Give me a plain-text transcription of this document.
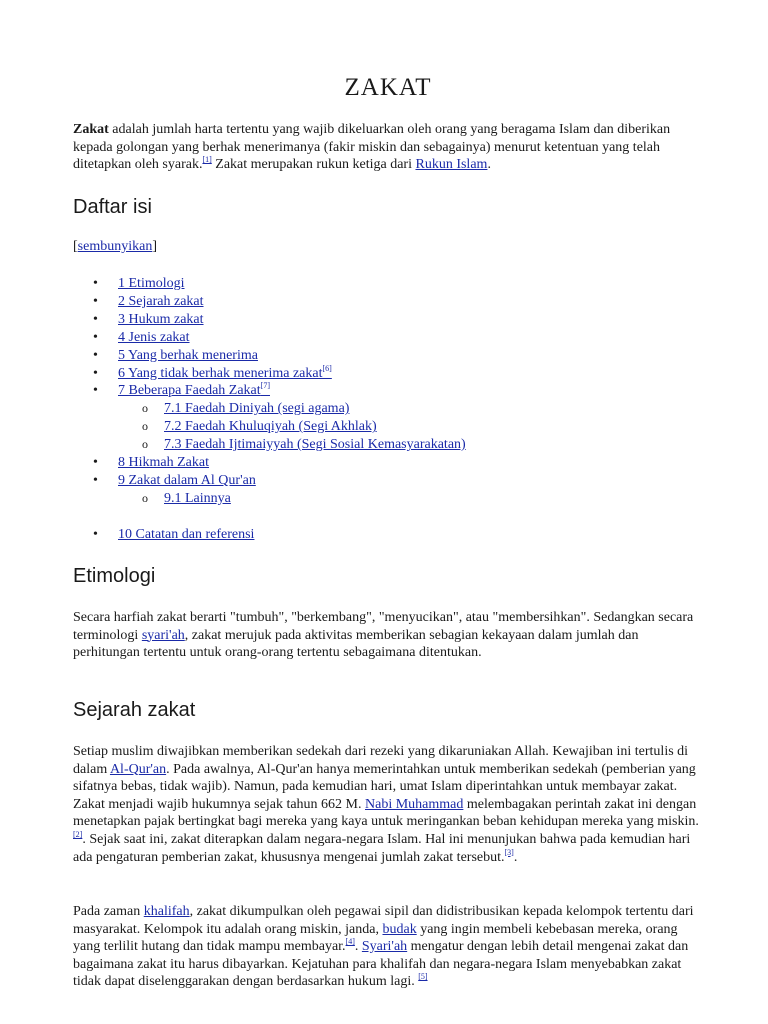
ZAKAT

Zakat adalah jumlah harta tertentu yang wajib dikeluarkan oleh orang yang beragama Islam dan diberikan kepada golongan yang berhak menerimanya (fakir miskin dan sebagainya) menurut ketentuan yang telah ditetapkan oleh syarak.[1] Zakat merupakan rukun ketiga dari Rukun Islam.

Daftar isi
[sembunyikan]
• 1 Etimologi
• 2 Sejarah zakat
• 3 Hukum zakat
• 4 Jenis zakat
• 5 Yang berhak menerima
• 6 Yang tidak berhak menerima zakat[6]
• 7 Beberapa Faedah Zakat[7]
o 7.1 Faedah Diniyah (segi agama)
o 7.2 Faedah Khuluqiyah (Segi Akhlak)
o 7.3 Faedah Ijtimaiyyah (Segi Sosial Kemasyarakatan)
• 8 Hikmah Zakat
• 9 Zakat dalam Al Qur'an
o 9.1 Lainnya
• 10 Catatan dan referensi
Etimologi

Secara harfiah zakat berarti "tumbuh", "berkembang", "menyucikan", atau "membersihkan". Sedangkan secara terminologi syari'ah, zakat merujuk pada aktivitas memberikan sebagian kekayaan dalam jumlah dan perhitungan tertentu untuk orang-orang tertentu sebagaimana ditentukan.

Sejarah zakat

Setiap muslim diwajibkan memberikan sedekah dari rezeki yang dikaruniakan Allah. Kewajiban ini tertulis di dalam Al-Qur'an. Pada awalnya, Al-Qur'an hanya memerintahkan untuk memberikan sedekah (pemberian yang sifatnya bebas, tidak wajib). Namun, pada kemudian hari, umat Islam diperintahkan untuk membayar zakat. Zakat menjadi wajib hukumnya sejak tahun 662 M. Nabi Muhammad melembagakan perintah zakat ini dengan menetapkan pajak bertingkat bagi mereka yang kaya untuk meringankan beban kehidupan mereka yang miskin.[2]. Sejak saat ini, zakat diterapkan dalam negara-negara Islam. Hal ini menunjukan bahwa pada kemudian hari ada pengaturan pemberian zakat, khususnya mengenai jumlah zakat tersebut.[3].

Pada zaman khalifah, zakat dikumpulkan oleh pegawai sipil dan didistribusikan kepada kelompok tertentu dari masyarakat. Kelompok itu adalah orang miskin, janda, budak yang ingin membeli kebebasan mereka, orang yang terlilit hutang dan tidak mampu membayar.[4]. Syari'ah mengatur dengan lebih detail mengenai zakat dan bagaimana zakat itu harus dibayarkan. Kejatuhan para khalifah dan negara-negara Islam menyebabkan zakat tidak dapat diselenggarakan dengan berdasarkan hukum lagi. [5]
